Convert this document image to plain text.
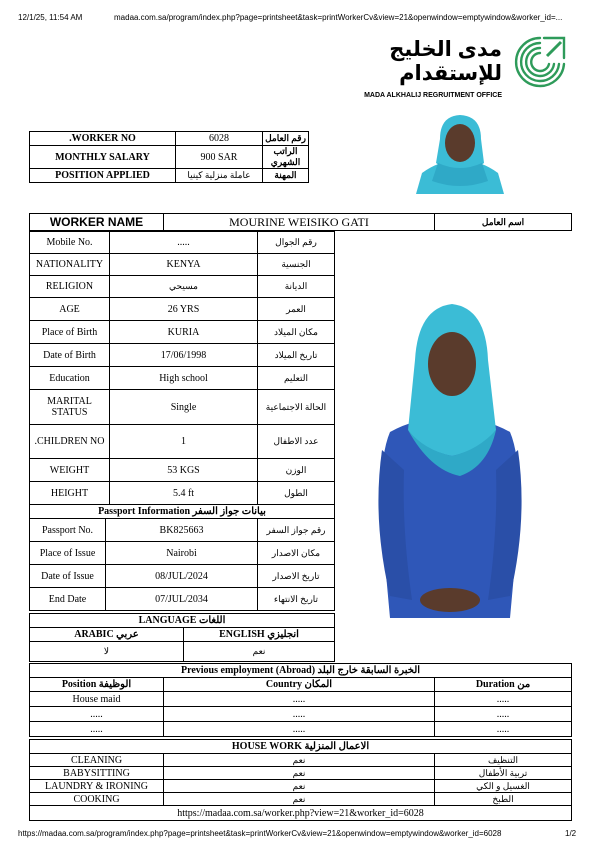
12/1/25, 11:54 AM	madaa.com.sa/program/index.php?page=printsheet&task=printWorkerCv&view=21&openwindow=emptywindow&worker_id=...
مدى الخليج للإستقدام
MADA ALKHALIJ REGRUITMENT OFFICE
.WORKER NO	6028	رقم العامل
MONTHLY SALARY	900 SAR	الراتب الشهري
POSITION APPLIED	عاملة منزلية كينيا	المهنة
WORKER NAME	MOURINE WEISIKO GATI	اسم العامل
Mobile No.	.....	رقم الجوال
NATIONALITY	KENYA	الجنسية
RELIGION	مسيحي	الديانة
AGE	26 YRS	العمر
Place of Birth	KURIA	مكان الميلاد
Date of Birth	17/06/1998	تاريخ الميلاد
Education	High school	التعليم
MARITAL STATUS	Single	الحالة الاجتماعية
.CHILDREN NO	1	عدد الاطفال
WEIGHT	53 KGS	الوزن
HEIGHT	5.4 ft	الطول
Passport Information بيانات جواز السفر		
Passport No.	BK825663	رقم جواز السفر
Place of Issue	Nairobi	مكان الاصدار
Date of Issue	08/JUL/2024	تاريخ الاصدار
End Date	07/JUL/2034	تاريخ الانتهاء
LANGUAGE اللغات	
ARABIC عربي	ENGLISH انجليزي
لا	نعم
Previous employment (Abroad) الخبرة السابقة خارج البلد		
Position الوظيفة	Country المكان	Duration من
House maid	.....	.....
.....	.....	.....
.....	.....	.....
HOUSE WORK الاعمال المنزلية		
CLEANING	نعم	التنظيف
BABYSITTING	نعم	تربية الأطفال
LAUNDRY & IRONING	نعم	الغسيل و الكي
COOKING	نعم	الطبخ
https://madaa.com.sa/worker.php?view=21&worker_id=6028		
https://madaa.com.sa/program/index.php?page=printsheet&task=printWorkerCv&view=21&openwindow=emptywindow&worker_id=6028	1/2
